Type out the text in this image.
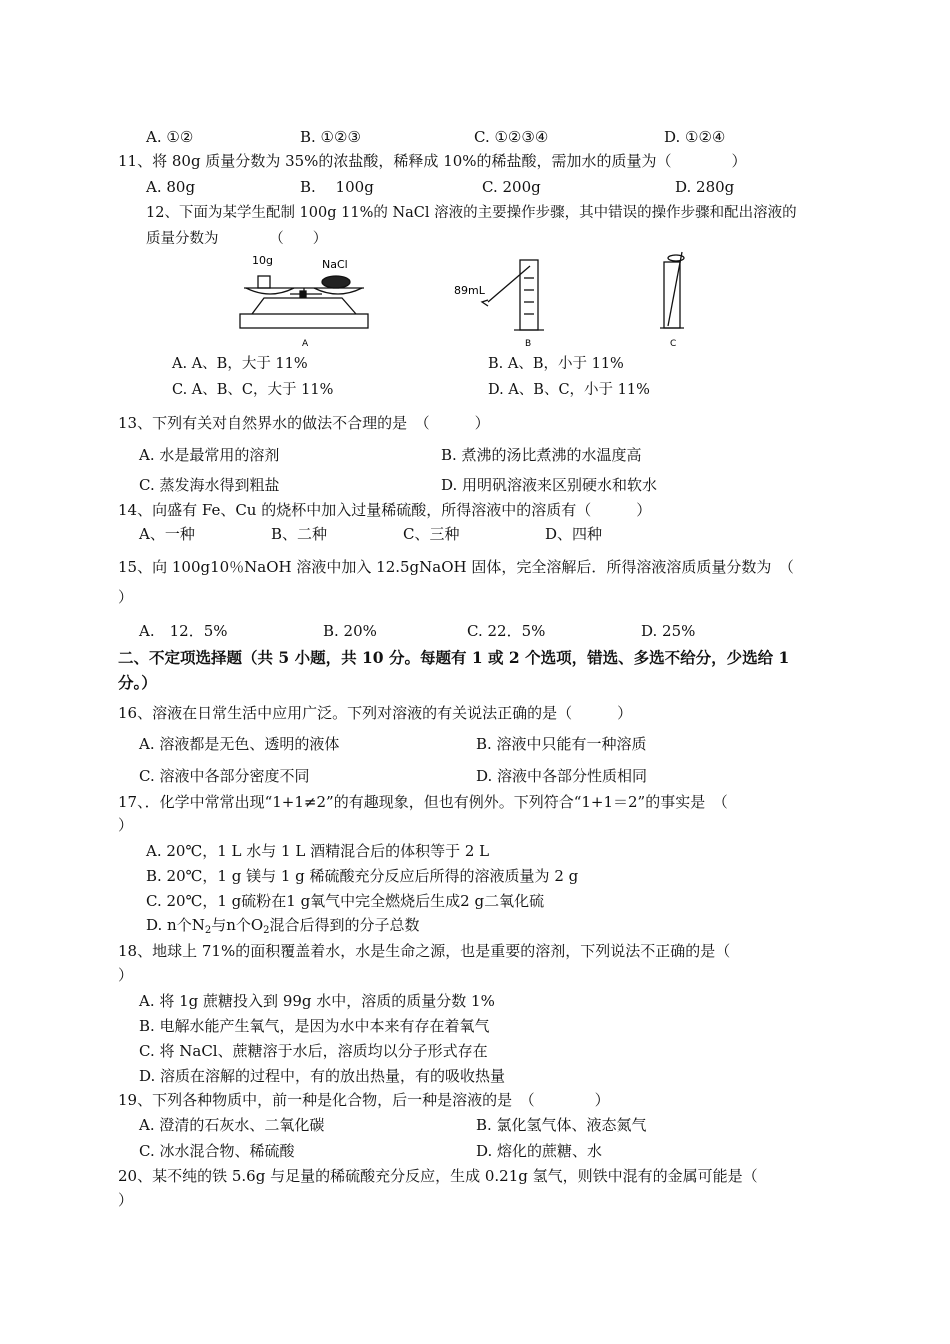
A. ①②	B. ①②③	C. ①②③④	D. ①②④
11、将 80g 质量分数为 35%的浓盐酸，稀释成 10%的稀盐酸，需加水的质量为（　　　　）
A. 80g	B.　 100g	C. 200g	D. 280g
12、下面为某学生配制 100g 11%的 NaCl 溶液的主要操作步骤，其中错误的操作步骤和配出溶液的
质量分数为　　　　（　　）
10g	NaCl
A
89mL
B	C
A. A、B，大于 11%	B. A、B，小于 11%
C. A、B、C，大于 11%	D. A、B、C，小于 11%
13、下列有关对自然界水的做法不合理的是　（　　　）
A. 水是最常用的溶剂	B. 煮沸的汤比煮沸的水温度高
C. 蒸发海水得到粗盐	D. 用明矾溶液来区别硬水和软水
14、向盛有 Fe、Cu 的烧杯中加入过量稀硫酸，所得溶液中的溶质有（　　　）
A、一种	B、二种	C、三种	D、四种
15、向 100g10％NaOH 溶液中加入 12.5gNaOH 固体，完全溶解后．所得溶液溶质质量分数为　（
）
A.　12．5%	B. 20%	C. 22．5%	D. 25%
二、不定项选择题（共 5 小题，共 10 分。每题有 1 或 2 个选项，错选、多选不给分，少选给 1
分。）
16、溶液在日常生活中应用广泛。下列对溶液的有关说法正确的是（　　　）
A. 溶液都是无色、透明的液体	B. 溶液中只能有一种溶质
C. 溶液中各部分密度不同	D. 溶液中各部分性质相同
17、．化学中常常出现“1+1≠2”的有趣现象，但也有例外。下列符合“1+1＝2”的事实是　（
）
A. 20℃，1 L 水与 1 L 酒精混合后的体积等于 2 L
B. 20℃，1 g 镁与 1 g 稀硫酸充分反应后所得的溶液质量为 2 g
C. 20℃，1 g硫粉在1 g氧气中完全燃烧后生成2 g二氧化硫
D. n个$N_2$与n个$O_2$混合后得到的分子总数
18、地球上 71%的面积覆盖着水，水是生命之源，也是重要的溶剂，下列说法不正确的是（
）
A. 将 1g 蔗糖投入到 99g 水中，溶质的质量分数 1%
B. 电解水能产生氧气，是因为水中本来有存在着氧气
C. 将 NaCl、蔗糖溶于水后，溶质均以分子形式存在
D. 溶质在溶解的过程中，有的放出热量，有的吸收热量
19、下列各种物质中，前一种是化合物，后一种是溶液的是　（　　　　）
A. 澄清的石灰水、二氧化碳	B. 氯化氢气体、液态氮气
C. 冰水混合物、稀硫酸	D. 熔化的蔗糖、水
20、某不纯的铁 5.6g 与足量的稀硫酸充分反应，生成 0.21g 氢气，则铁中混有的金属可能是（
）
